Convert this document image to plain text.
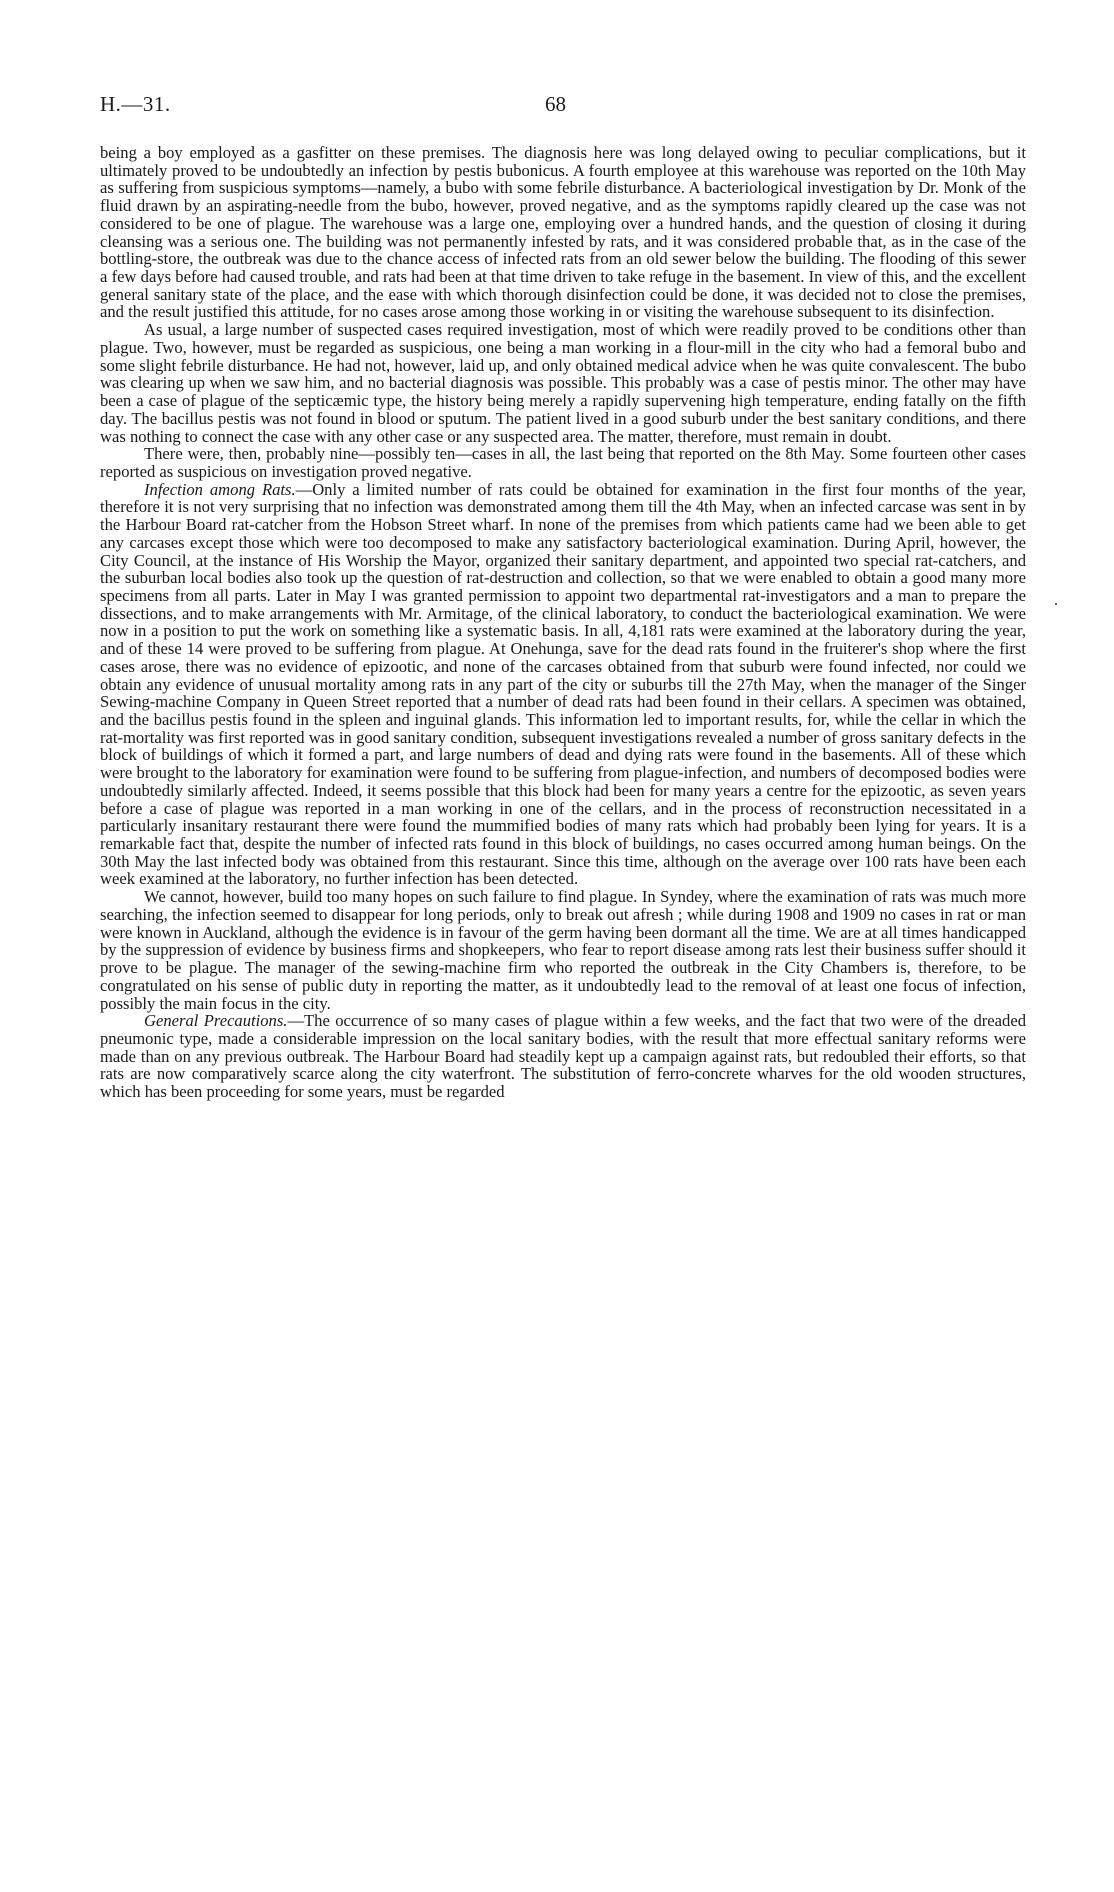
H.—31.	68

being a boy employed as a gasfitter on these premises. The diagnosis here was long delayed owing to peculiar complications, but it ultimately proved to be undoubtedly an infection by pestis bubonicus. A fourth employee at this warehouse was reported on the 10th May as suffering from suspicious symptoms—namely, a bubo with some febrile disturbance. A bacteriological investigation by Dr. Monk of the fluid drawn by an aspirating-needle from the bubo, however, proved negative, and as the symptoms rapidly cleared up the case was not considered to be one of plague. The warehouse was a large one, employing over a hundred hands, and the question of closing it during cleansing was a serious one. The building was not permanently infested by rats, and it was considered probable that, as in the case of the bottling-store, the outbreak was due to the chance access of infected rats from an old sewer below the building. The flooding of this sewer a few days before had caused trouble, and rats had been at that time driven to take refuge in the basement. In view of this, and the excellent general sanitary state of the place, and the ease with which thorough disinfection could be done, it was decided not to close the premises, and the result justified this attitude, for no cases arose among those working in or visiting the warehouse subsequent to its disinfection.

As usual, a large number of suspected cases required investigation, most of which were readily proved to be conditions other than plague. Two, however, must be regarded as suspicious, one being a man working in a flour-mill in the city who had a femoral bubo and some slight febrile disturbance. He had not, however, laid up, and only obtained medical advice when he was quite convalescent. The bubo was clearing up when we saw him, and no bacterial diagnosis was possible. This probably was a case of pestis minor. The other may have been a case of plague of the septicæmic type, the history being merely a rapidly supervening high temperature, ending fatally on the fifth day. The bacillus pestis was not found in blood or sputum. The patient lived in a good suburb under the best sanitary conditions, and there was nothing to connect the case with any other case or any suspected area. The matter, therefore, must remain in doubt.

There were, then, probably nine—possibly ten—cases in all, the last being that reported on the 8th May. Some fourteen other cases reported as suspicious on investigation proved negative.

Infection among Rats.—Only a limited number of rats could be obtained for examination in the first four months of the year, therefore it is not very surprising that no infection was demonstrated among them till the 4th May, when an infected carcase was sent in by the Harbour Board rat-catcher from the Hobson Street wharf. In none of the premises from which patients came had we been able to get any carcases except those which were too decomposed to make any satisfactory bacteriological examination. During April, however, the City Council, at the instance of His Worship the Mayor, organized their sanitary department, and appointed two special rat-catchers, and the suburban local bodies also took up the question of rat-destruction and collection, so that we were enabled to obtain a good many more specimens from all parts. Later in May I was granted permission to appoint two departmental rat-investigators and a man to prepare the dissections, and to make arrangements with Mr. Armitage, of the clinical laboratory, to conduct the bacteriological examination. We were now in a position to put the work on something like a systematic basis. In all, 4,181 rats were examined at the laboratory during the year, and of these 14 were proved to be suffering from plague. At Onehunga, save for the dead rats found in the fruiterer's shop where the first cases arose, there was no evidence of epizootic, and none of the carcases obtained from that suburb were found infected, nor could we obtain any evidence of unusual mortality among rats in any part of the city or suburbs till the 27th May, when the manager of the Singer Sewing-machine Company in Queen Street reported that a number of dead rats had been found in their cellars. A specimen was obtained, and the bacillus pestis found in the spleen and inguinal glands. This information led to important results, for, while the cellar in which the rat-mortality was first reported was in good sanitary condition, subsequent investigations revealed a number of gross sanitary defects in the block of buildings of which it formed a part, and large numbers of dead and dying rats were found in the basements. All of these which were brought to the laboratory for examination were found to be suffering from plague-infection, and numbers of decomposed bodies were undoubtedly similarly affected. Indeed, it seems possible that this block had been for many years a centre for the epizootic, as seven years before a case of plague was reported in a man working in one of the cellars, and in the process of reconstruction necessitated in a particularly insanitary restaurant there were found the mummified bodies of many rats which had probably been lying for years. It is a remarkable fact that, despite the number of infected rats found in this block of buildings, no cases occurred among human beings. On the 30th May the last infected body was obtained from this restaurant. Since this time, although on the average over 100 rats have been each week examined at the laboratory, no further infection has been detected.

We cannot, however, build too many hopes on such failure to find plague. In Syndey, where the examination of rats was much more searching, the infection seemed to disappear for long periods, only to break out afresh ; while during 1908 and 1909 no cases in rat or man were known in Auckland, although the evidence is in favour of the germ having been dormant all the time. We are at all times handicapped by the suppression of evidence by business firms and shopkeepers, who fear to report disease among rats lest their business suffer should it prove to be plague. The manager of the sewing-machine firm who reported the outbreak in the City Chambers is, therefore, to be congratulated on his sense of public duty in reporting the matter, as it undoubtedly lead to the removal of at least one focus of infection, possibly the main focus in the city.

General Precautions.—The occurrence of so many cases of plague within a few weeks, and the fact that two were of the dreaded pneumonic type, made a considerable impression on the local sanitary bodies, with the result that more effectual sanitary reforms were made than on any previous outbreak. The Harbour Board had steadily kept up a campaign against rats, but redoubled their efforts, so that rats are now comparatively scarce along the city waterfront. The substitution of ferro-concrete wharves for the old wooden structures, which has been proceeding for some years, must be regarded

.
